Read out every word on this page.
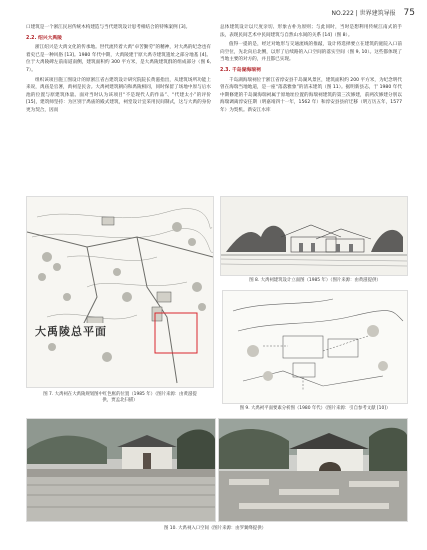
NO.222 | 世界建筑导报 75

口建筑是一个浙江民居传统木构建造与当代建筑设计思考相结合的特殊案例 [3]。

2.2. 绍兴大禹陵

浙江绍兴是大禹文化的传承地。世代流传着大禹“卓苦勤劳”的精神，对大禹的纪念也有着史已是一种风俗 [13]。1980 年代中期，大禹陵建于原大禹寺建筑遗址之部分地基 [4]。位于大禹陵碑左前南道南侧，建筑面积约 300 平方米，是大禹陵建筑群的组成部分（图 6, 7）。

组织该项目施工图设计的原浙江省古建筑设计研究院院长黄滋指出，从建筑场所功能上来说，禹庙是官署，禹祠是民舍。大禹祠建筑朝向和禹陵相同，同时保留了场地中原与后水池的位置与原建筑体量。面对当时认为该项目“不是现代人的作品”、“代建太小”的评价 [15]，建筑师坚持：为区别于禹庙的殿式建筑，祠堂设计宜采用民间制式，这与大禹的身份更为契合，因而

总体建筑设计以尺度亲切、形象古朴为原则；与此同时，当时是想利用传统江南式的手法，表现民间艺术中民间建筑与自然山水间的关系 [14]（图 8）。

值得一提的是，经过对地形与交通流线的推敲，设计将选择要立在建筑的庭院入口前向空位，先北向后北侧，以形了后续路的入口空间的落实空间（图 9, 10）。这些都体现了当地主要的对方的，并且都已实现。

2.3. 千岛湖海瑞祠

千岛湖海瑞祠位于浙江省淳安县千岛湖风景区，建筑面积约 200 平方米，为纪念明代曾在海瑞当地地道，是一座“落落雅象”的清末建筑（图 11）。据明新县志，于 1980 年代中期修建的千岛湖海瑞祠属于原地址位置的海瑞祠建筑的第三次修建，前两次修建分别以海瑞调离淳安任期（明嘉靖四十一年，1562 年）和淳安县县府迁移（明万历五年，1577 年）为契机。新安江水库

大禹陵总平面
图 7. 大禹祠在大禹陵规划图中红色框的位置（1985 年）（图片来源：由黄滋提供，贾孟北扫描）
图 8. 大禹祠建筑设计立面图（1985 年）（图片来源：由黄滋提供）
图 9. 大禹祠平面要素分析图（1980 年代）（图片来源：引自参考文献 [10]）
图 10. 大禹祠入口空间（图片来源：由罗翼绛提供）
